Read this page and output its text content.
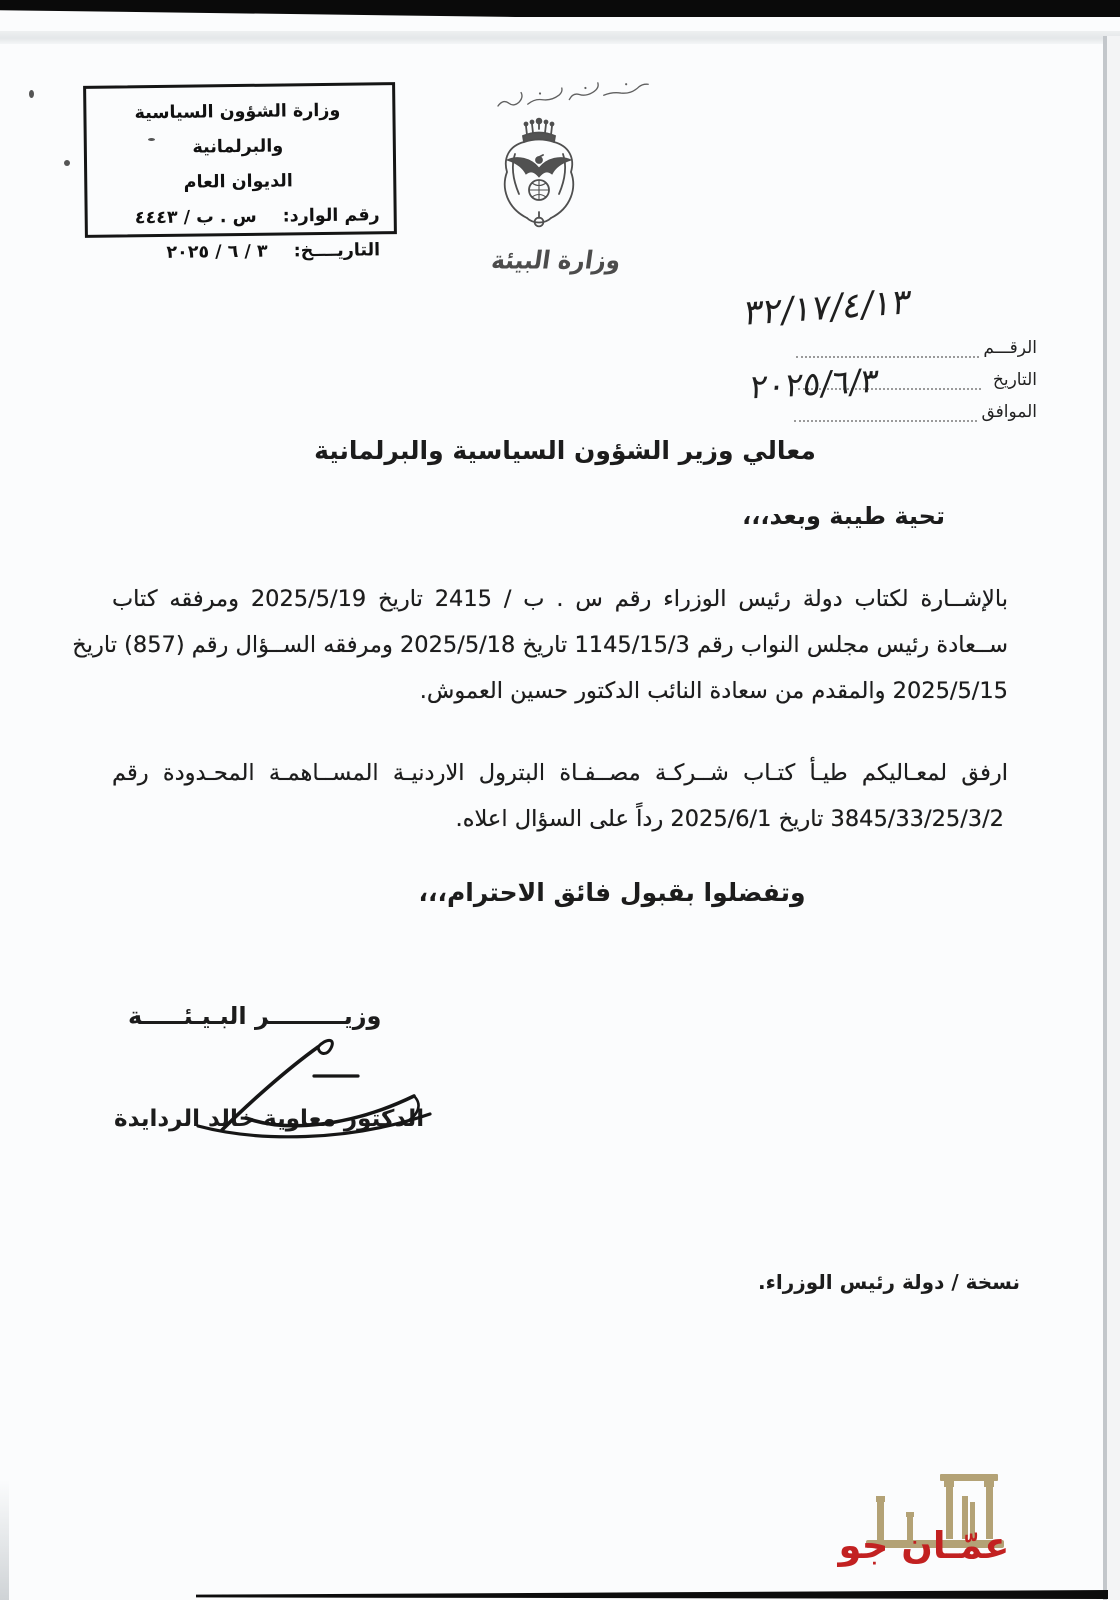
وزارة الشؤون السياسية والبرلمانية
الديوان العام
رقم الوارد:س . ب / ٤٤٤٣
التاريــــخ:٣ / ٦ / ٢٠٢٥	وزارة البيئة
الرقـــم
التاريخ
الموافق
٣٢/١٧/٤/١٣
٢٠٢٥/٦/٣
معالي وزير الشؤون السياسية والبرلمانية
تحية طيبة وبعد،،،
بالإشــارة لكتاب دولة رئيس الوزراء رقم س . ب / 2415 تاريخ 2025/5/19 ومرفقه كتاب
ســعادة رئيس مجلس النواب رقم 1145/15/3 تاريخ 2025/5/18 ومرفقه الســؤال رقم (857) تاريخ
2025/5/15 والمقدم من سعادة النائب الدكتور حسين العموش.
ارفق لمعـاليكم طيـأ كتـاب شــركـة مصــفـاة البترول الاردنيـة المســاهمـة المحـدودة رقم
3845/33/25/3/2 تاريخ 2025/6/1 رداً على السؤال اعلاه.
وتفضلوا بقبول فائق الاحترام،،،
وزيـــــــــر البـيـئـــــة
الدكتور معاوية خالد الردايدة
نسخة / دولة رئيس الوزراء.
عمّـان جو
